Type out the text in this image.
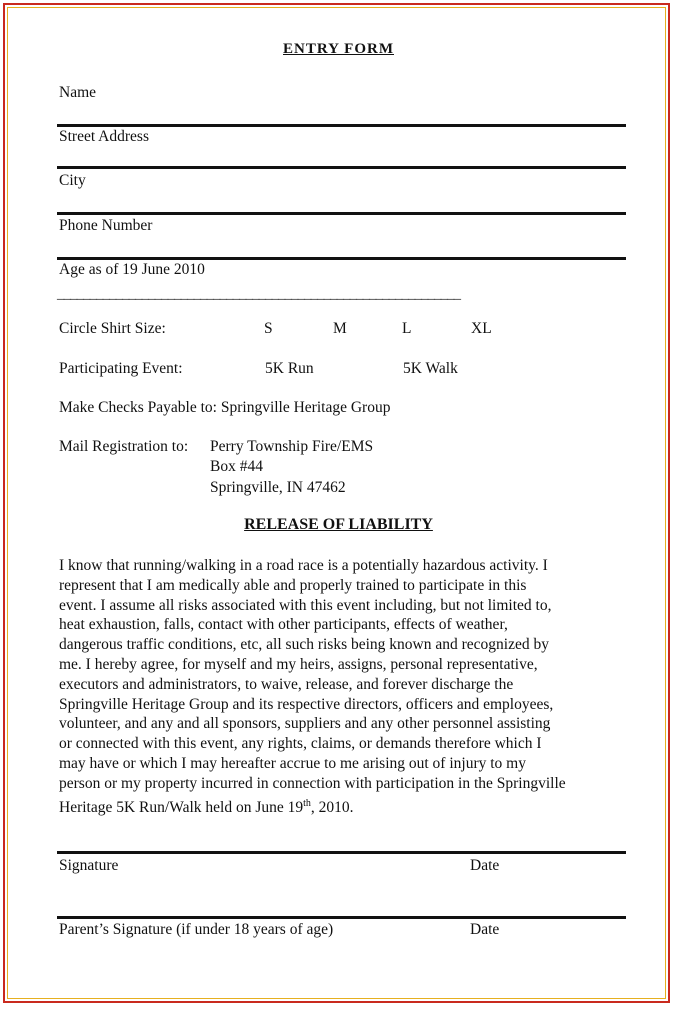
ENTRY FORM
Name
Street Address
City
Phone Number
Age as of 19 June 2010
______________________________________________________________
Circle Shirt Size:	S	M	L	XL
Participating Event:	5K Run	5K Walk
Make Checks Payable to: Springville Heritage Group
Mail Registration to: Perry Township Fire/EMS
Box #44
Springville, IN 47462
RELEASE OF LIABILITY

I know that running/walking in a road race is a potentially hazardous activity. I

represent that I am medically able and properly trained to participate in this

event. I assume all risks associated with this event including, but not limited to,

heat exhaustion, falls, contact with other participants, effects of weather,

dangerous traffic conditions, etc, all such risks being known and recognized by

me. I hereby agree, for myself and my heirs, assigns, personal representative,

executors and administrators, to waive, release, and forever discharge the

Springville Heritage Group and its respective directors, officers and employees,

volunteer, and any and all sponsors, suppliers and any other personnel assisting

or connected with this event, any rights, claims, or demands therefore which I

may have or which I may hereafter accrue to me arising out of injury to my

person or my property incurred in connection with participation in the Springville

Heritage 5K Run/Walk held on June 19th, 2010.

Signature	Date
Parent’s Signature (if under 18 years of age)	Date
